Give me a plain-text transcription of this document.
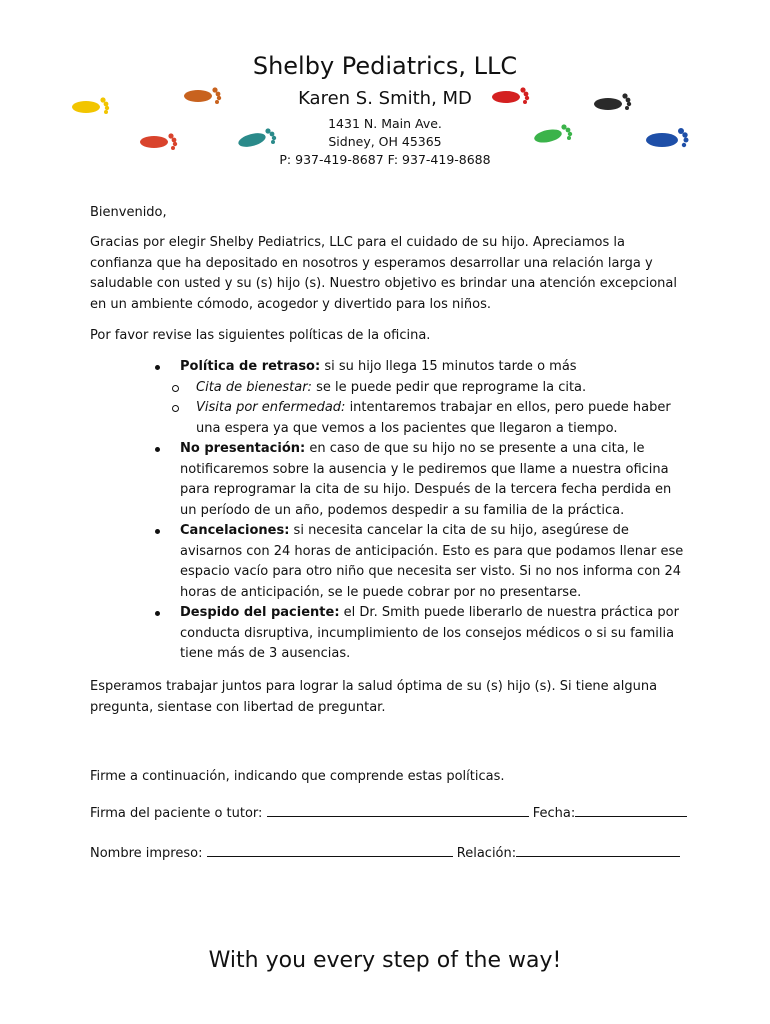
Shelby Pediatrics, LLC
Karen S. Smith, MD
1431 N. Main Ave.
Sidney, OH 45365
P: 937-419-8687 F: 937-419-8688
Bienvenido,
Gracias por elegir Shelby Pediatrics, LLC para el cuidado de su hijo. Apreciamos la confianza que ha depositado en nosotros y esperamos desarrollar una relación larga y saludable con usted y su (s) hijo (s). Nuestro objetivo es brindar una atención excepcional en un ambiente cómodo, acogedor y divertido para los niños.
Por favor revise las siguientes políticas de la oficina.
Política de retraso: si su hijo llega 15 minutos tarde o más
Cita de bienestar: se le puede pedir que reprograme la cita.
Visita por enfermedad: intentaremos trabajar en ellos, pero puede haber una espera ya que vemos a los pacientes que llegaron a tiempo.
No presentación: en caso de que su hijo no se presente a una cita, le notificaremos sobre la ausencia y le pediremos que llame a nuestra oficina para reprogramar la cita de su hijo. Después de la tercera fecha perdida en un período de un año, podemos despedir a su familia de la práctica.
Cancelaciones: si necesita cancelar la cita de su hijo, asegúrese de avisarnos con 24 horas de anticipación. Esto es para que podamos llenar ese espacio vacío para otro niño que necesita ser visto. Si no nos informa con 24 horas de anticipación, se le puede cobrar por no presentarse.
Despido del paciente: el Dr. Smith puede liberarlo de nuestra práctica por conducta disruptiva, incumplimiento de los consejos médicos o si su familia tiene más de 3 ausencias.
Esperamos trabajar juntos para lograr la salud óptima de su (s) hijo (s). Si tiene alguna pregunta, sientase con libertad de preguntar.
Firme a continuación, indicando que comprende estas políticas.
Firma del paciente o tutor:	Fecha:
Nombre impreso:	Relación:
With you every step of the way!
